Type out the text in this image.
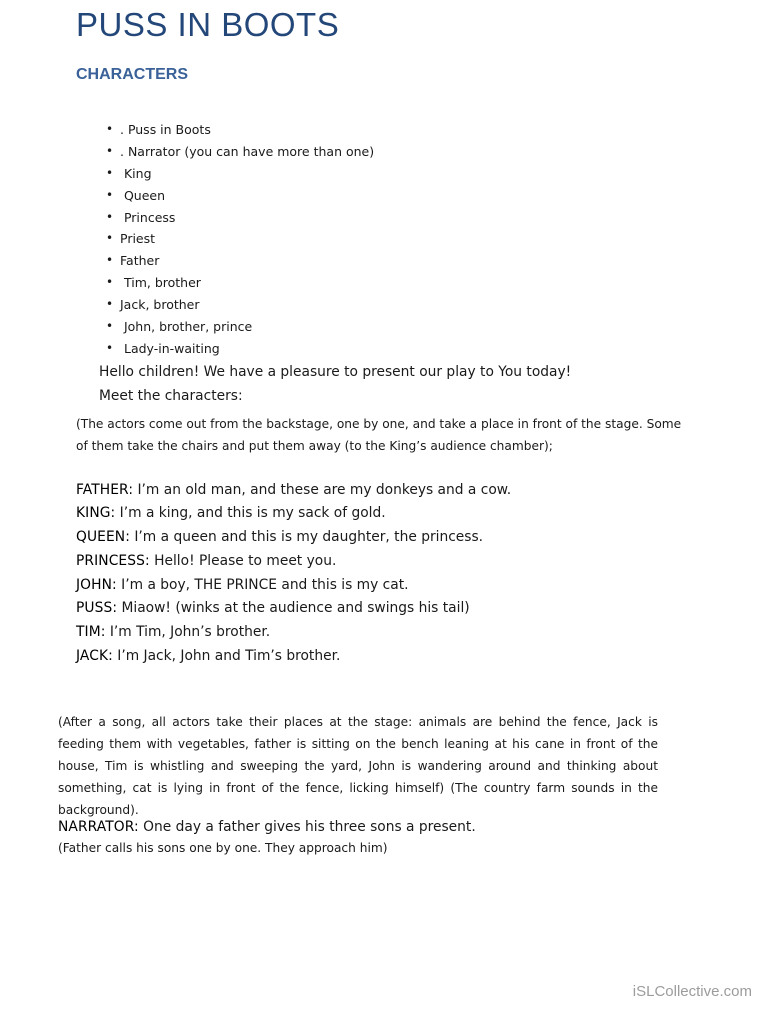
PUSS IN BOOTS
CHARACTERS
• . Puss in Boots
• . Narrator (you can have more than one)
•  King
•  Queen
•  Princess
• Priest
• Father
•  Tim, brother
• Jack, brother
•  John, brother, prince
•  Lady-in-waiting

Hello children! We have a pleasure to present our play to You today!

Meet the characters:

(The actors come out from the backstage, one by one, and take a place in front of the stage. Some of them take the chairs and put them away (to the King’s audience chamber);

FATHER: I’m an old man, and these are my donkeys and a cow.

KING: I’m a king, and this is my sack of gold.

QUEEN: I’m a queen and this is my daughter, the princess.

PRINCESS: Hello! Please to meet you.

JOHN: I’m a boy, THE PRINCE and this is my cat.

PUSS: Miaow! (winks at the audience and swings his tail)

TIM: I’m Tim, John’s brother.

JACK: I’m Jack, John and Tim’s brother.

(After a song, all actors take their places at the stage: animals are behind the fence, Jack is feeding them with vegetables, father is sitting on the bench leaning at his cane in front of the house, Tim is whistling and sweeping the yard, John is wandering around and thinking about something, cat is lying in front of the fence, licking himself) (The country farm sounds in the background).

NARRATOR: One day a father gives his three sons a present.

(Father calls his sons one by one. They approach him)

iSLCollective.com
